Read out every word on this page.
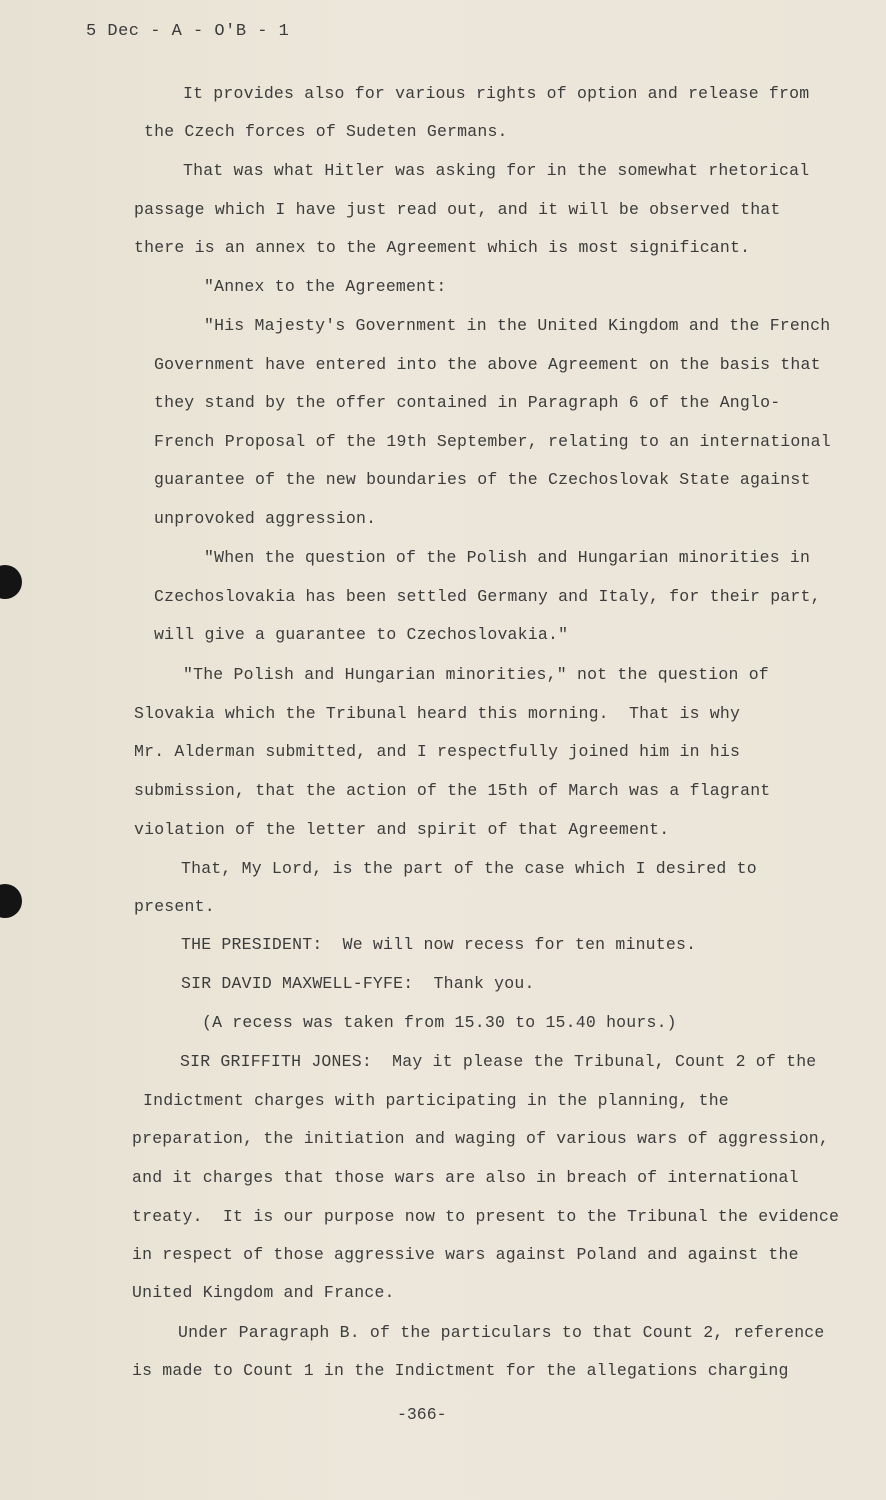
5 Dec - A - O'B - 1
It provides also for various rights of option and release from
the Czech forces of Sudeten Germans.
That was what Hitler was asking for in the somewhat rhetorical
passage which I have just read out, and it will be observed that
there is an annex to the Agreement which is most significant.
"Annex to the Agreement:
"His Majesty's Government in the United Kingdom and the French
Government have entered into the above Agreement on the basis that
they stand by the offer contained in Paragraph 6 of the Anglo-
French Proposal of the 19th September, relating to an international
guarantee of the new boundaries of the Czechoslovak State against
unprovoked aggression.
"When the question of the Polish and Hungarian minorities in
Czechoslovakia has been settled Germany and Italy, for their part,
will give a guarantee to Czechoslovakia."
"The Polish and Hungarian minorities," not the question of
Slovakia which the Tribunal heard this morning.  That is why
Mr. Alderman submitted, and I respectfully joined him in his
submission, that the action of the 15th of March was a flagrant
violation of the letter and spirit of that Agreement.
That, My Lord, is the part of the case which I desired to
present.
THE PRESIDENT:  We will now recess for ten minutes.
SIR DAVID MAXWELL-FYFE:  Thank you.
(A recess was taken from 15.30 to 15.40 hours.)
SIR GRIFFITH JONES:  May it please the Tribunal, Count 2 of the
Indictment charges with participating in the planning, the
preparation, the initiation and waging of various wars of aggression,
and it charges that those wars are also in breach of international
treaty.  It is our purpose now to present to the Tribunal the evidence
in respect of those aggressive wars against Poland and against the
United Kingdom and France.
Under Paragraph B. of the particulars to that Count 2, reference
is made to Count 1 in the Indictment for the allegations charging
-366-
